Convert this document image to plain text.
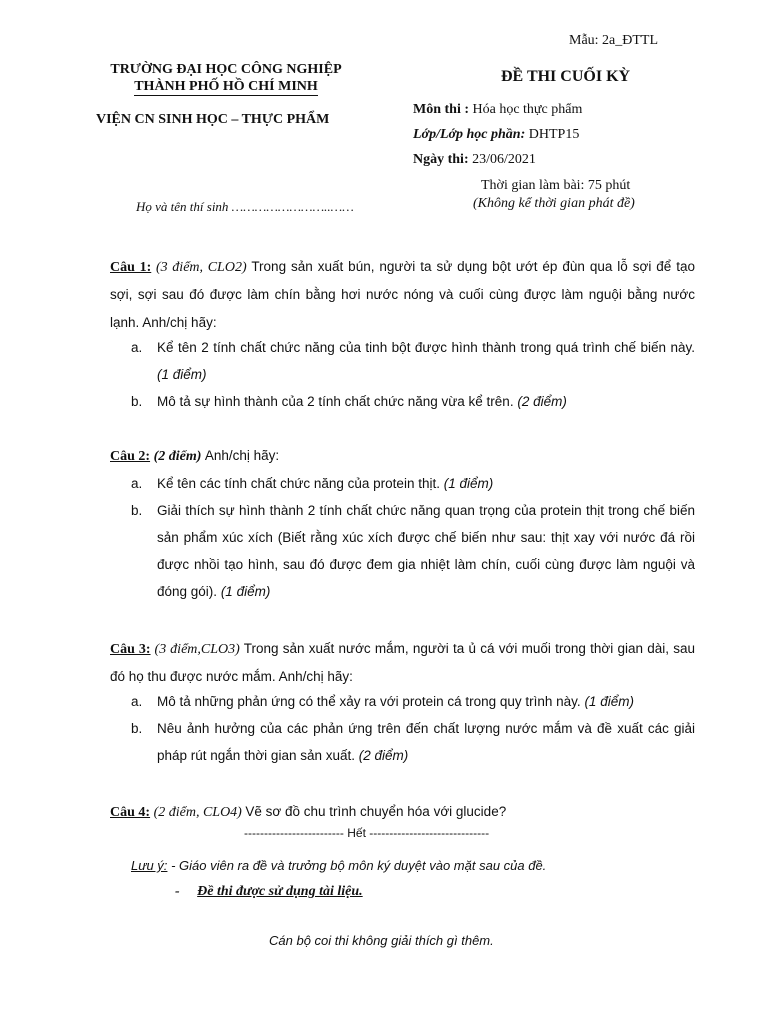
Mẫu: 2a_ĐTTL
TRƯỜNG ĐẠI HỌC CÔNG NGHIỆP
THÀNH PHỐ HỒ CHÍ MINH
VIỆN CN SINH HỌC – THỰC PHẨM
ĐỀ THI CUỐI KỲ
Môn thi : Hóa học thực phẩm
Lớp/Lớp học phần: DHTP15
Ngày thi: 23/06/2021
Thời gian làm bài: 75 phút
(Không kể thời gian phát đề)
Họ và tên thí sinh ……………………..……
Câu 1: (3 điểm, CLO2) Trong sản xuất bún, người ta sử dụng bột ướt ép đùn qua lỗ sợi để tạo sợi, sợi sau đó được làm chín bằng hơi nước nóng và cuối cùng được làm nguội bằng nước lạnh. Anh/chị hãy:
a. Kể tên 2 tính chất chức năng của tinh bột được hình thành trong quá trình chế biến này. (1 điểm)
b. Mô tả sự hình thành của 2 tính chất chức năng vừa kể trên. (2 điểm)
Câu 2: (2 điểm) Anh/chị hãy:
a. Kể tên các tính chất chức năng của protein thịt. (1 điểm)
b. Giải thích sự hình thành 2 tính chất chức năng quan trọng của protein thịt trong chế biến sản phẩm xúc xích (Biết rằng xúc xích được chế biến như sau: thịt xay với nước đá rồi được nhồi tạo hình, sau đó được đem gia nhiệt làm chín, cuối cùng được làm nguội và đóng gói). (1 điểm)
Câu 3: (3 điểm,CLO3) Trong sản xuất nước mắm, người ta ủ cá với muối trong thời gian dài, sau đó họ thu được nước mắm. Anh/chị hãy:
a. Mô tả những phản ứng có thể xảy ra với protein cá trong quy trình này. (1 điểm)
b. Nêu ảnh hưởng của các phản ứng trên đến chất lượng nước mắm và đề xuất các giải pháp rút ngắn thời gian sản xuất. (2 điểm)
Câu 4: (2 điểm, CLO4) Vẽ sơ đồ chu trình chuyển hóa với glucide?
------------------------- Hết ------------------------------
Lưu ý: - Giáo viên ra đề và trưởng bộ môn ký duyệt vào mặt sau của đề.
- Đề thi được sử dụng tài liệu.
Cán bộ coi thi không giải thích gì thêm.
